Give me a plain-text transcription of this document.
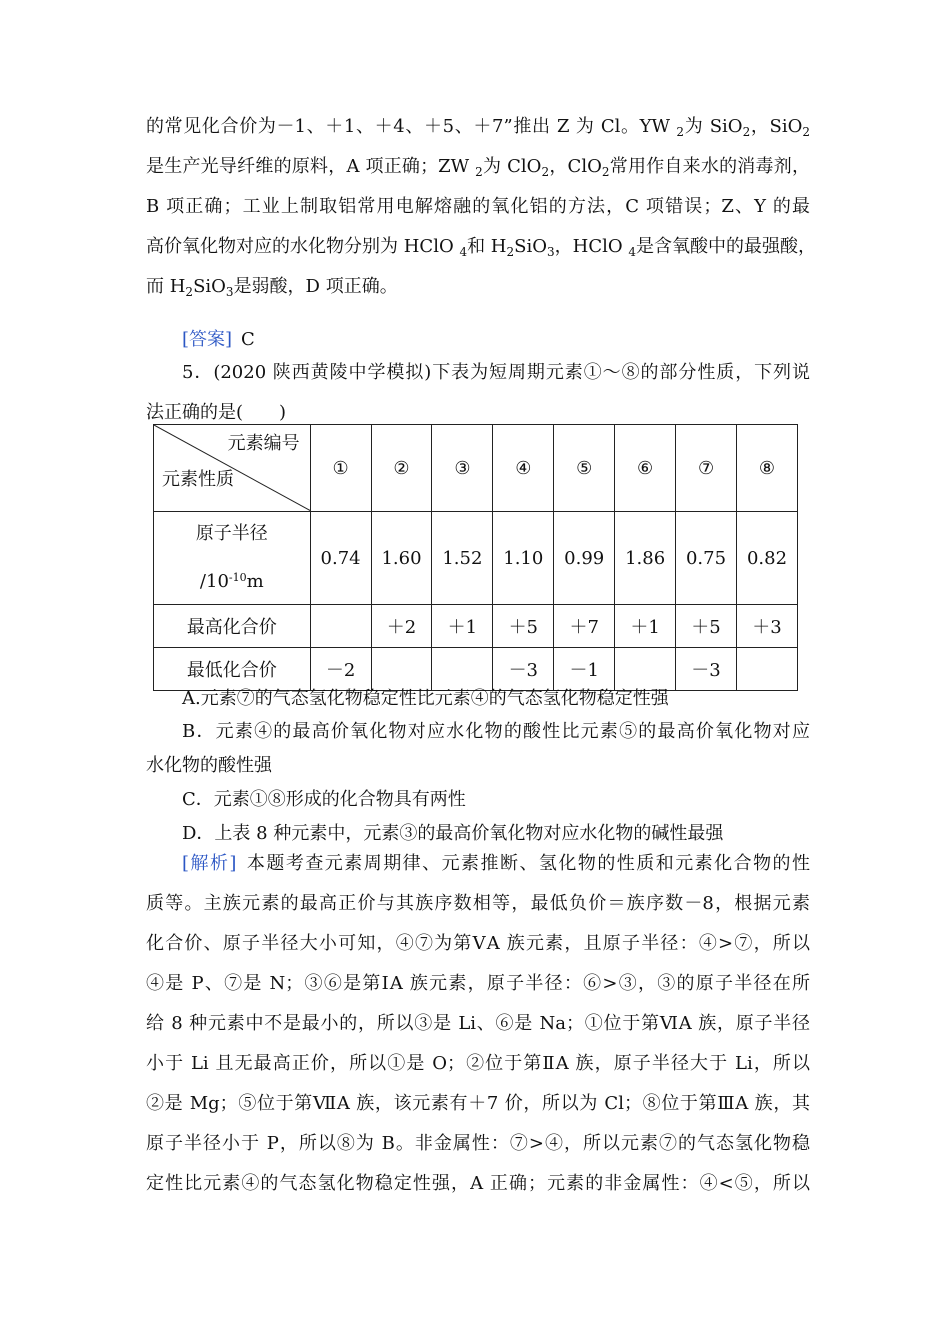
的常见化合价为－1、＋1、＋4、＋5、＋7”推出 Z 为 Cl。YW $_2$为 SiO$_2$，SiO$_2$
是生产光导纤维的原料，A 项正确；ZW $_2$为 ClO$_2$，ClO$_2$常用作自来水的消毒剂，
B 项正确；工业上制取铝常用电解熔融的氧化铝的方法，C 项错误；Z、Y 的最
高价氧化物对应的水化物分别为 HClO $_4$和 $H_2SiO_3$，HClO $_4$是含氧酸中的最强酸，
而 $H_2SiO_3$是弱酸，D 项正确。
[答案]  C
5．(2020 陕西黄陵中学模拟)下表为短周期元素①～⑧的部分性质，下列说
法正确的是(　　)
元素编号
元素性质	①	②	③	④	⑤	⑥	⑦	⑧

原子半径
$/10^{-10}m$	0.74	1.60	1.52	1.10	0.99	1.86	0.75	0.82
最高化合价		＋2	＋1	＋5	＋7	＋1	＋5	＋3
最低化合价	－2			－3	－1		－3	
A.元素⑦的气态氢化物稳定性比元素④的气态氢化物稳定性强
B．元素④的最高价氧化物对应水化物的酸性比元素⑤的最高价氧化物对应
水化物的酸性强
C．元素①⑧形成的化合物具有两性
D．上表 8 种元素中，元素③的最高价氧化物对应水化物的碱性最强
[解析]  本题考查元素周期律、元素推断、氢化物的性质和元素化合物的性
质等。主族元素的最高正价与其族序数相等，最低负价＝族序数－8，根据元素
化合价、原子半径大小可知，④⑦为第ⅤA 族元素，且原子半径：④>⑦，所以
④是 P、⑦是 N；③⑥是第ⅠA 族元素，原子半径：⑥>③，③的原子半径在所
给 8 种元素中不是最小的，所以③是 Li、⑥是 Na；①位于第ⅥA 族，原子半径
小于 Li 且无最高正价，所以①是 O；②位于第ⅡA 族，原子半径大于 Li，所以
②是 Mg；⑤位于第ⅦA 族，该元素有＋7 价，所以为 Cl；⑧位于第ⅢA 族，其
原子半径小于 P，所以⑧为 B。非金属性：⑦>④，所以元素⑦的气态氢化物稳
定性比元素④的气态氢化物稳定性强，A 正确；元素的非金属性：④<⑤，所以
